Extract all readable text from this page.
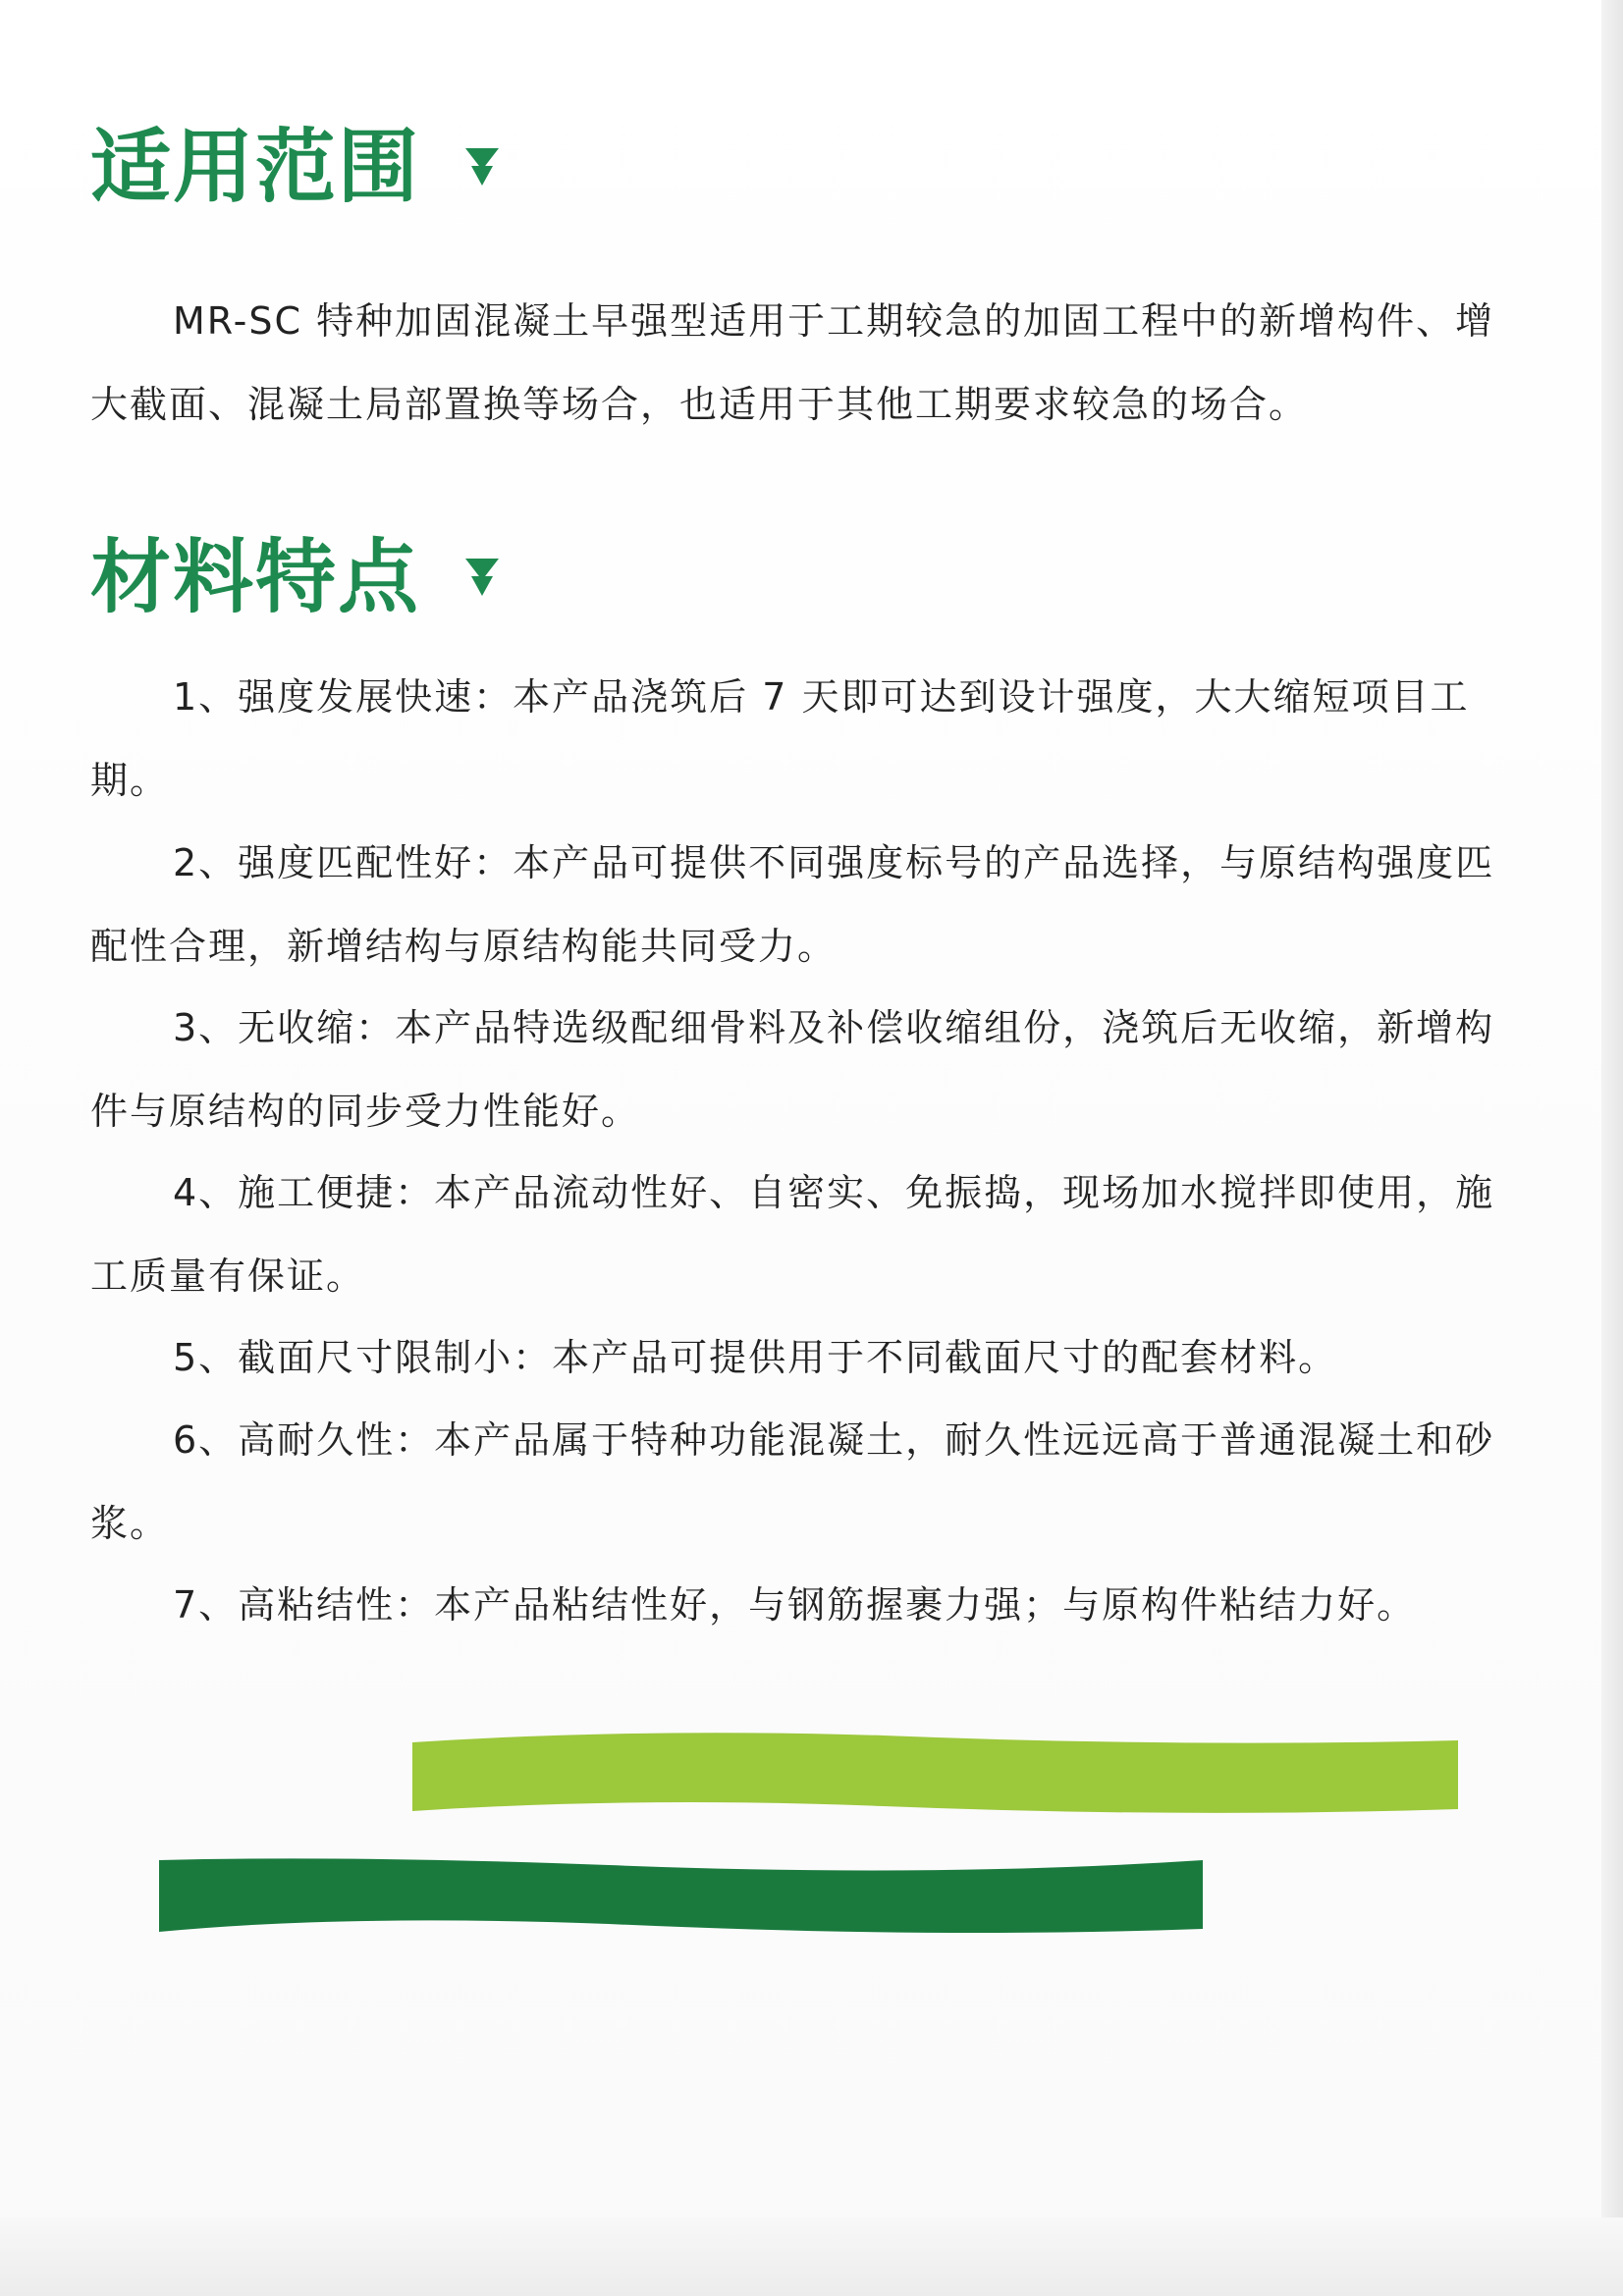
适用范围

MR-SC 特种加固混凝土早强型适用于工期较急的加固工程中的新增构件、增大截面、混凝土局部置换等场合，也适用于其他工期要求较急的场合。

材料特点

1、强度发展快速：本产品浇筑后 7 天即可达到设计强度，大大缩短项目工期。

2、强度匹配性好：本产品可提供不同强度标号的产品选择，与原结构强度匹配性合理，新增结构与原结构能共同受力。

3、无收缩：本产品特选级配细骨料及补偿收缩组份，浇筑后无收缩，新增构件与原结构的同步受力性能好。

4、施工便捷：本产品流动性好、自密实、免振捣，现场加水搅拌即使用，施工质量有保证。

5、截面尺寸限制小：本产品可提供用于不同截面尺寸的配套材料。

6、高耐久性：本产品属于特种功能混凝土，耐久性远远高于普通混凝土和砂浆。

7、高粘结性：本产品粘结性好，与钢筋握裹力强；与原构件粘结力好。
